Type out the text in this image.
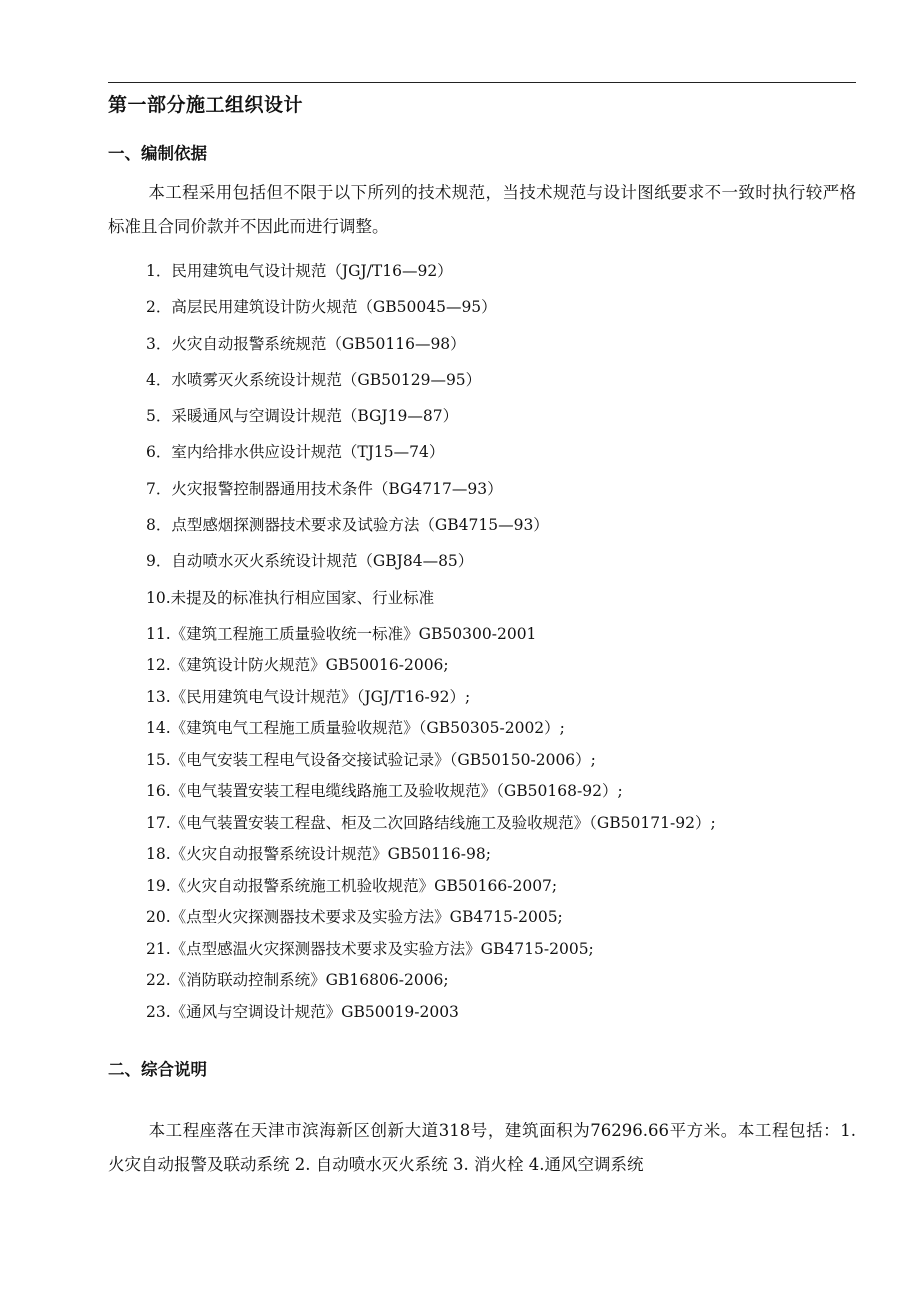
第一部分施工组织设计
一、编制依据

本工程采用包括但不限于以下所列的技术规范，当技术规范与设计图纸要求不一致时执行较严格标准且合同价款并不因此而进行调整。

1．民用建筑电气设计规范（JGJ/T16—92）
2．高层民用建筑设计防火规范（GB50045—95）
3．火灾自动报警系统规范（GB50116—98）
4．水喷雾灭火系统设计规范（GB50129—95）
5．采暖通风与空调设计规范（BGJ19—87）
6．室内给排水供应设计规范（TJ15—74）
7．火灾报警控制器通用技术条件（BG4717—93）
8．点型感烟探测器技术要求及试验方法（GB4715—93）
9．自动喷水灭火系统设计规范（GBJ84—85）
10.未提及的标准执行相应国家、行业标准
11.《建筑工程施工质量验收统一标准》GB50300-2001
12.《建筑设计防火规范》GB50016-2006;
13.《民用建筑电气设计规范》（JGJ/T16-92）;
14.《建筑电气工程施工质量验收规范》（GB50305-2002）;
15.《电气安装工程电气设备交接试验记录》（GB50150-2006）;
16.《电气装置安装工程电缆线路施工及验收规范》（GB50168-92）;
17.《电气装置安装工程盘、柜及二次回路结线施工及验收规范》（GB50171-92）;
18.《火灾自动报警系统设计规范》GB50116-98;
19.《火灾自动报警系统施工机验收规范》GB50166-2007;
20.《点型火灾探测器技术要求及实验方法》GB4715-2005;
21.《点型感温火灾探测器技术要求及实验方法》GB4715-2005;
22.《消防联动控制系统》GB16806-2006;
23.《通风与空调设计规范》GB50019-2003
二、综合说明

本工程座落在天津市滨海新区创新大道318号，建筑面积为76296.66平方米。本工程包括：1. 火灾自动报警及联动系统 2. 自动喷水灭火系统 3. 消火栓 4.通风空调系统
